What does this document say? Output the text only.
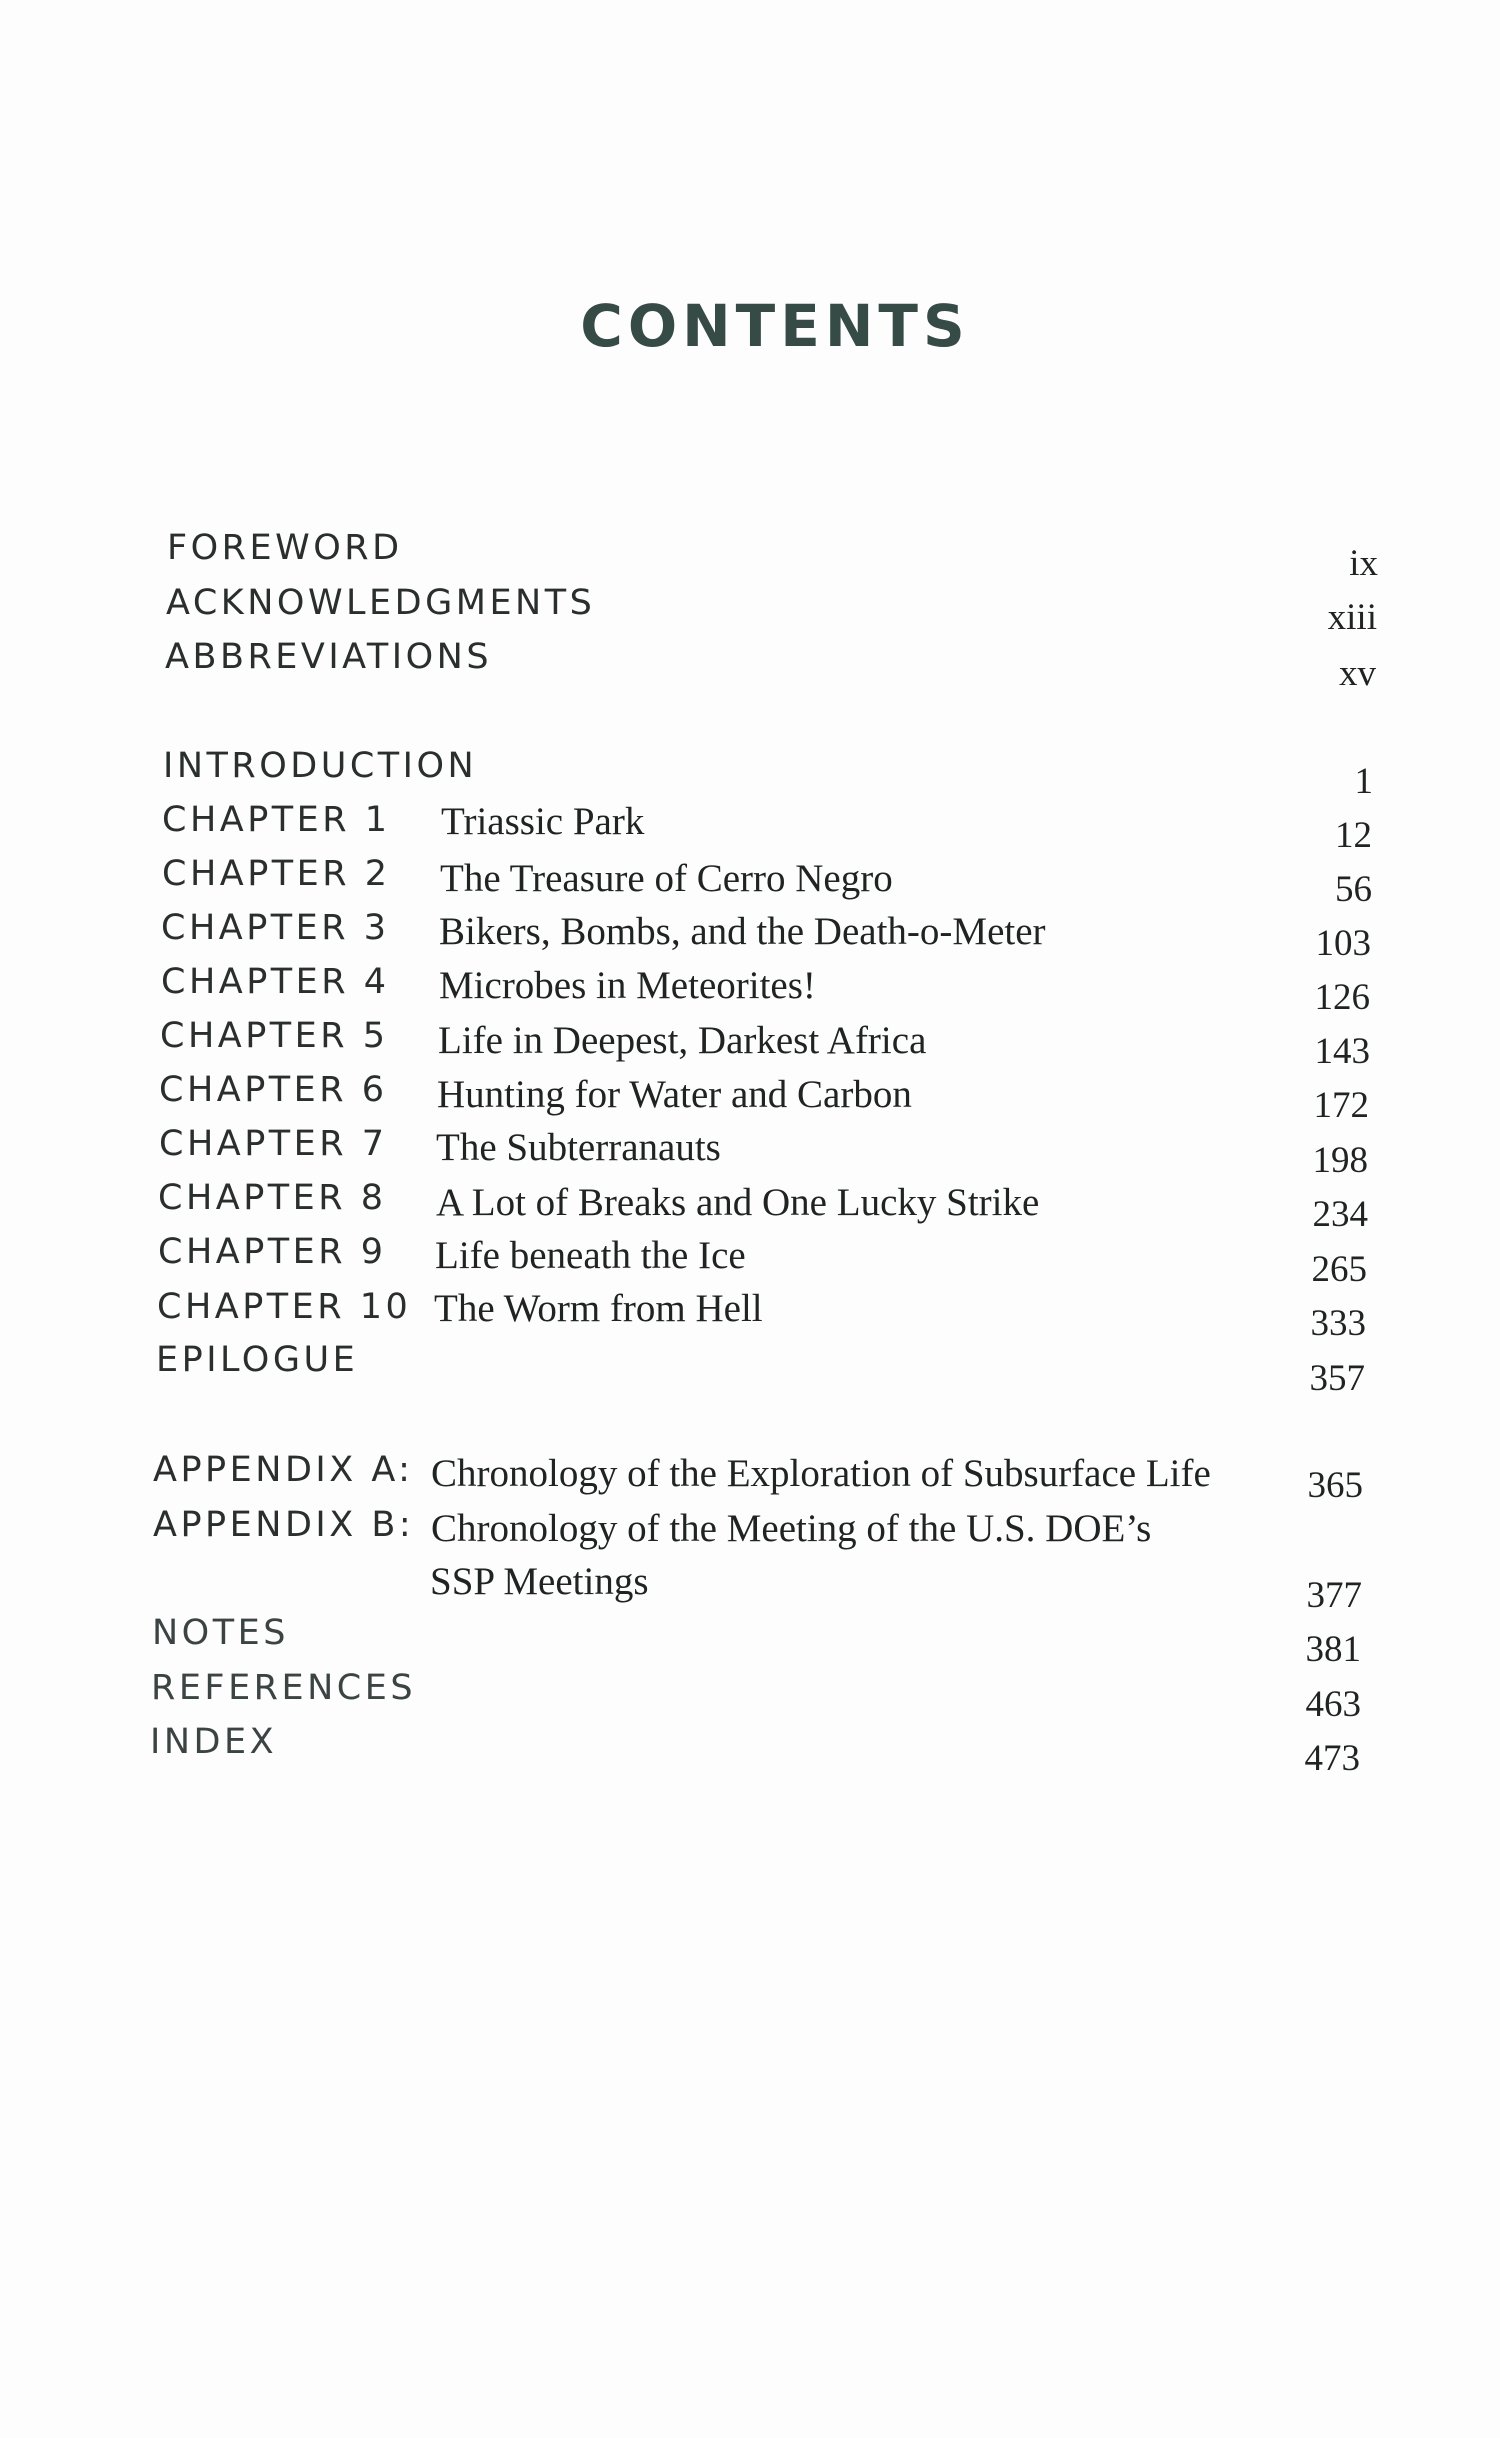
CONTENTS
FOREWORD	ix
ACKNOWLEDGMENTS	xiii
ABBREVIATIONS	xv
INTRODUCTION	1
CHAPTER 1 Triassic Park	12
CHAPTER 2 The Treasure of Cerro Negro	56
CHAPTER 3 Bikers, Bombs, and the Death-o-Meter	103
CHAPTER 4 Microbes in Meteorites!	126
CHAPTER 5 Life in Deepest, Darkest Africa	143
CHAPTER 6 Hunting for Water and Carbon	172
CHAPTER 7 The Subterranauts	198
CHAPTER 8 A Lot of Breaks and One Lucky Strike	234
CHAPTER 9 Life beneath the Ice	265
CHAPTER 10 The Worm from Hell	333
EPILOGUE	357
APPENDIX A: Chronology of the Exploration of Subsurface Life	365
APPENDIX B: Chronology of the Meeting of the U.S. DOE’s
SSP Meetings	377
NOTES	381
REFERENCES	463
INDEX	473
